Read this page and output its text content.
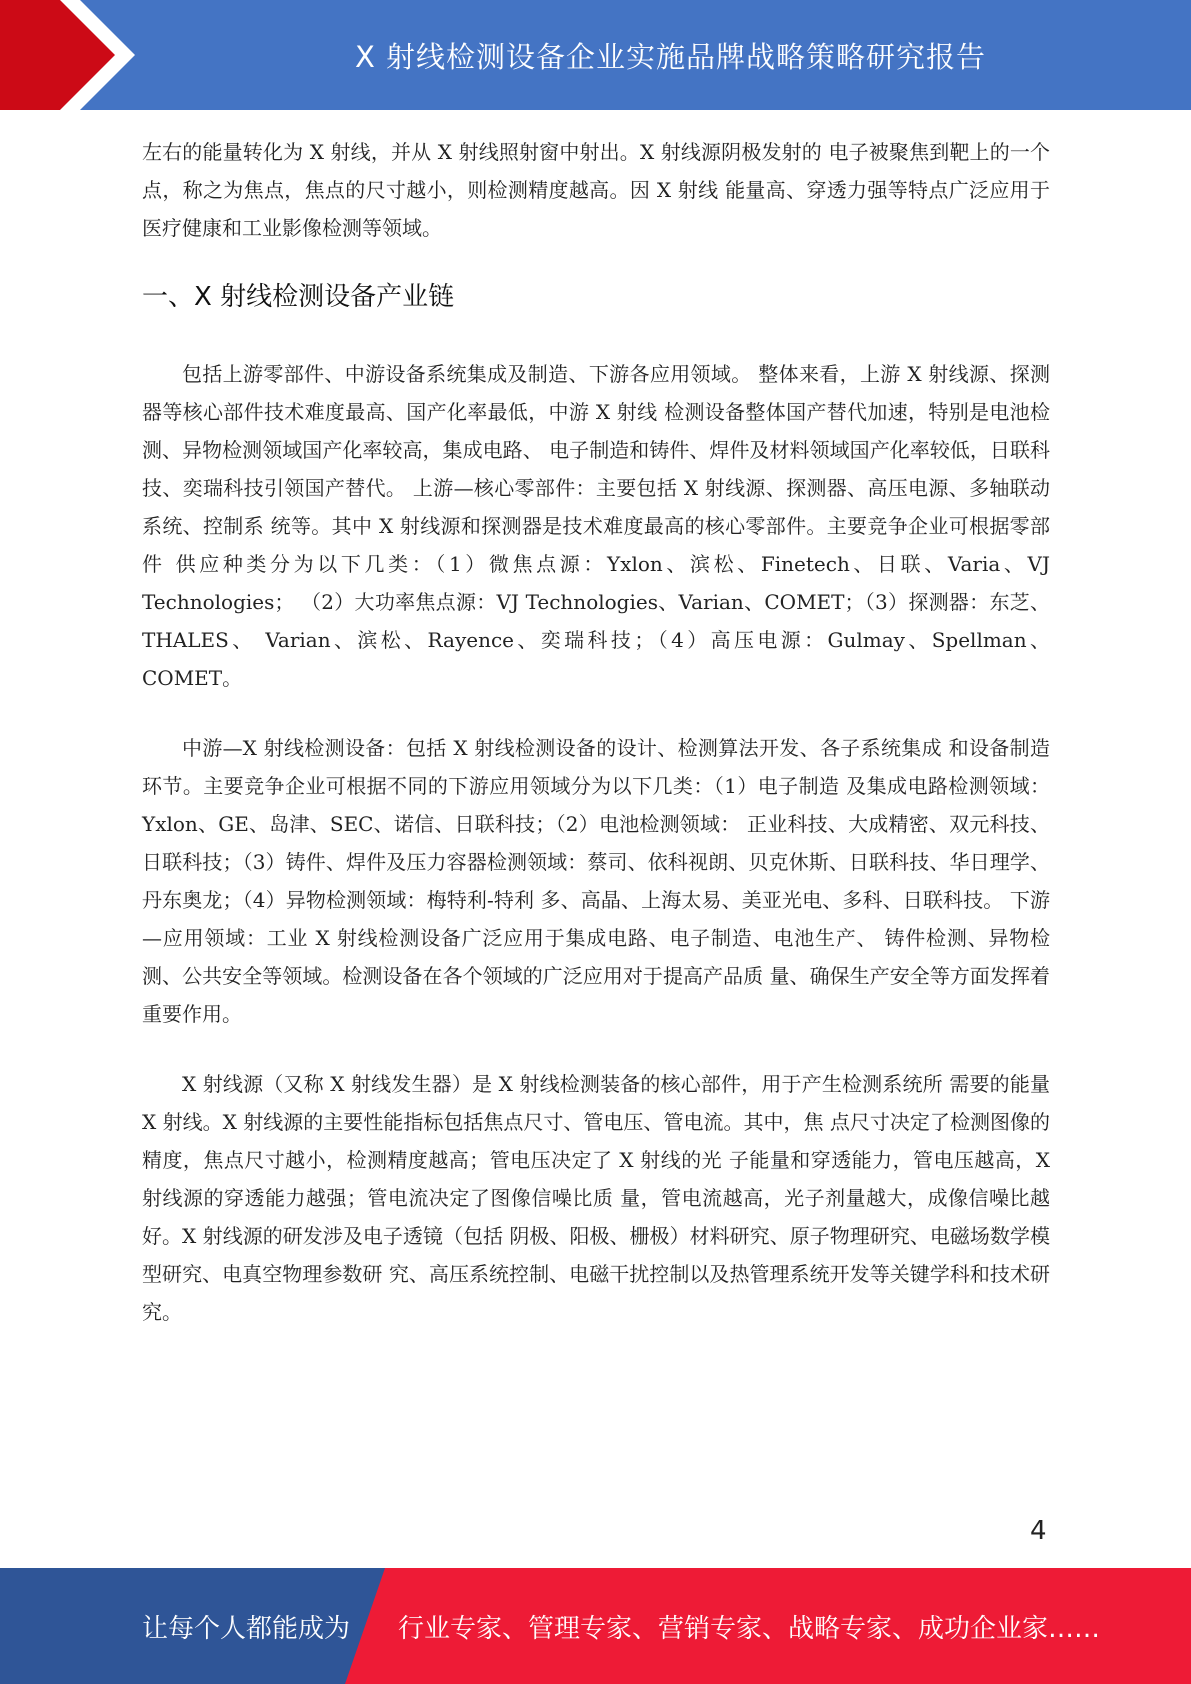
X 射线检测设备企业实施品牌战略策略研究报告

左右的能量转化为 X 射线，并从 X 射线照射窗中射出。X 射线源阴极发射的 电子被聚焦到靶上的一个点，称之为焦点，焦点的尺寸越小，则检测精度越高。因 X 射线 能量高、穿透力强等特点广泛应用于医疗健康和工业影像检测等领域。

一、X 射线检测设备产业链

包括上游零部件、中游设备系统集成及制造、下游各应用领域。 整体来看，上游 X 射线源、探测器等核心部件技术难度最高、国产化率最低，中游 X 射线 检测设备整体国产替代加速，特别是电池检测、异物检测领域国产化率较高，集成电路、 电子制造和铸件、焊件及材料领域国产化率较低，日联科技、奕瑞科技引领国产替代。 上游—核心零部件：主要包括 X 射线源、探测器、高压电源、多轴联动系统、控制系 统等。其中 X 射线源和探测器是技术难度最高的核心零部件。主要竞争企业可根据零部件 供应种类分为以下几类：（1）微焦点源：Yxlon、滨松、Finetech、日联、Varia、VJ Technologies； （2）大功率焦点源：VJ Technologies、Varian、COMET；（3）探测器：东芝、THALES、 Varian、滨松、Rayence、奕瑞科技；（4）高压电源：Gulmay、Spellman、COMET。

中游—X 射线检测设备：包括 X 射线检测设备的设计、检测算法开发、各子系统集成 和设备制造环节。主要竞争企业可根据不同的下游应用领域分为以下几类：（1）电子制造 及集成电路检测领域：Yxlon、GE、岛津、SEC、诺信、日联科技；（2）电池检测领域： 正业科技、大成精密、双元科技、日联科技；（3）铸件、焊件及压力容器检测领域：蔡司、依科视朗、贝克休斯、日联科技、华日理学、丹东奥龙；（4）异物检测领域：梅特利-特利 多、高晶、上海太易、美亚光电、多科、日联科技。 下游—应用领域：工业 X 射线检测设备广泛应用于集成电路、电子制造、电池生产、 铸件检测、异物检测、公共安全等领域。检测设备在各个领域的广泛应用对于提高产品质 量、确保生产安全等方面发挥着重要作用。

X 射线源（又称 X 射线发生器）是 X 射线检测装备的核心部件，用于产生检测系统所 需要的能量 X 射线。X 射线源的主要性能指标包括焦点尺寸、管电压、管电流。其中，焦 点尺寸决定了检测图像的精度，焦点尺寸越小，检测精度越高；管电压决定了 X 射线的光 子能量和穿透能力，管电压越高，X 射线源的穿透能力越强；管电流决定了图像信噪比质 量，管电流越高，光子剂量越大，成像信噪比越好。X 射线源的研发涉及电子透镜（包括 阴极、阳极、栅极）材料研究、原子物理研究、电磁场数学模型研究、电真空物理参数研 究、高压系统控制、电磁干扰控制以及热管理系统开发等关键学科和技术研究。

4
让每个人都能成为 行业专家、管理专家、营销专家、战略专家、成功企业家……
